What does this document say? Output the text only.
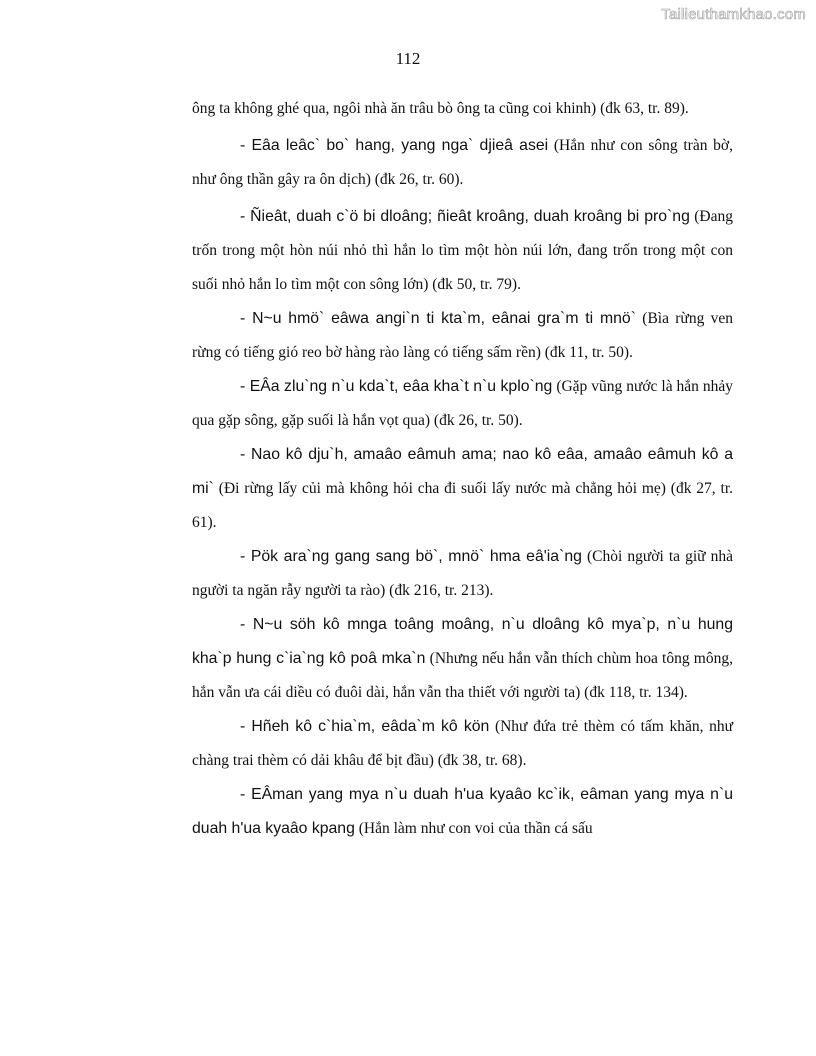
Tailieuthamkhao.com
112

ông ta không ghé qua, ngôi nhà ăn trâu bò ông ta cũng coi khinh) (đk 63, tr. 89).

- Eâa leâc` bo` hang, yang nga` djieâ asei (Hắn như con sông tràn bờ, như ông thần gây ra ôn dịch) (đk 26, tr. 60).

- Ñieât, duah c`ö bi dloâng; ñieât kroâng, duah kroâng bi pro`ng (Đang trốn trong một hòn núi nhỏ thì hắn lo tìm một hòn núi lớn, đang trốn trong một con suối nhỏ hắn lo tìm một con sông lớn) (đk 50, tr. 79).

- N~u hmö` eâwa angi`n ti kta`m, eânai gra`m ti mnö` (Bìa rừng ven rừng có tiếng gió reo bờ hàng rào làng có tiếng sấm rền) (đk 11, tr. 50).

- EÂa zlu`ng n`u kda`t, eâa kha`t n`u kplo`ng (Gặp vũng nước là hắn nhảy qua gặp sông, gặp suối là hắn vọt qua) (đk 26, tr. 50).

- Nao kô dju`h, amaâo eâmuh ama; nao kô eâa, amaâo eâmuh kô a mi` (Đi rừng lấy củi mà không hỏi cha đi suối lấy nước mà chẳng hỏi mẹ) (đk 27, tr. 61).

- Pök ara`ng gang sang bö`, mnö` hma eâ'ia`ng (Chòi người ta giữ nhà người ta ngăn rẫy người ta rào) (đk 216, tr. 213).

- N~u söh kô mnga toâng moâng, n`u dloâng kô mya`p, n`u hung kha`p hung c`ia`ng kô poâ mka`n (Nhưng nếu hắn vẫn thích chùm hoa tông mông, hắn vẫn ưa cái diều có đuôi dài, hắn vẫn tha thiết với người ta) (đk 118, tr. 134).

- Hñeh kô c`hia`m, eâda`m kô kön (Như đứa trẻ thèm có tấm khăn, như chàng trai thèm có dải khâu để bịt đầu) (đk 38, tr. 68).

- EÂman yang mya n`u duah h'ua kyaâo kc`ik, eâman yang mya n`u duah h'ua kyaâo kpang (Hắn làm như con voi của thần cá sấu
